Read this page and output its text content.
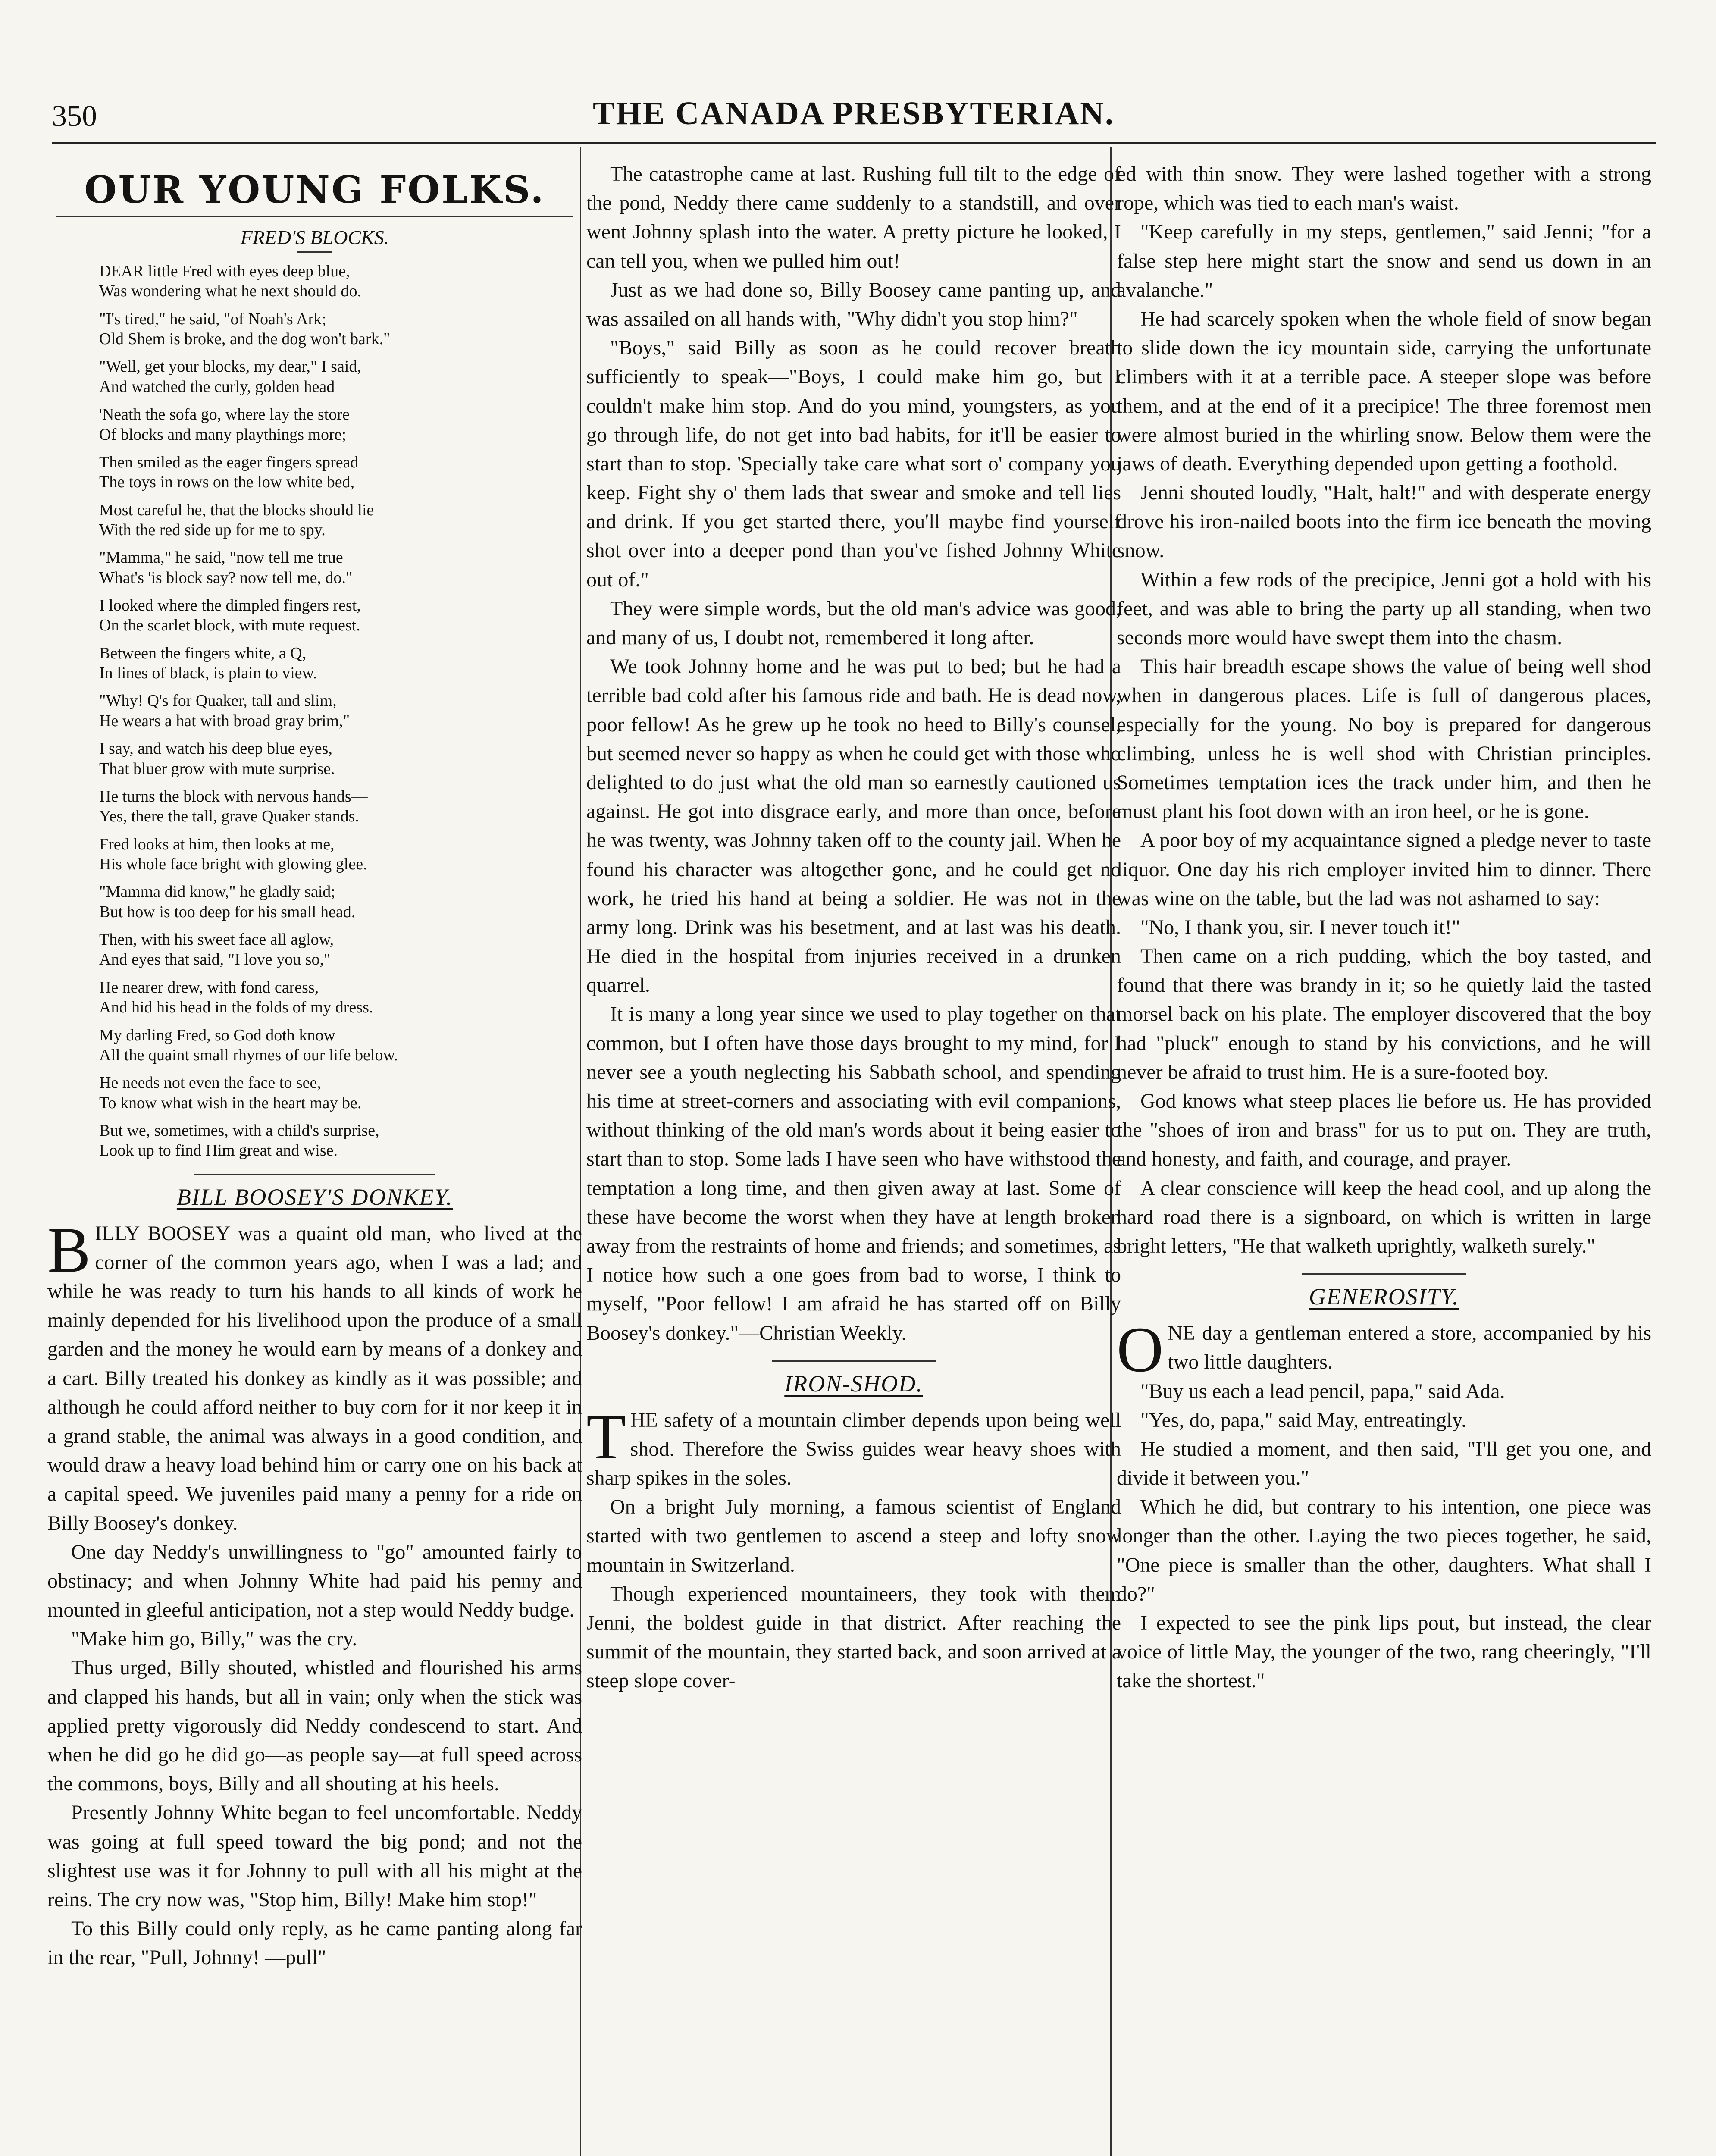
350	THE CANADA PRESBYTERIAN.
OUR YOUNG FOLKS.
FRED'S BLOCKS.
DEAR little Fred with eyes deep blue,
Was wondering what he next should do.
"I's tired," he said, "of Noah's Ark;
Old Shem is broke, and the dog won't bark."
"Well, get your blocks, my dear," I said,
And watched the curly, golden head
'Neath the sofa go, where lay the store
Of blocks and many playthings more;
Then smiled as the eager fingers spread
The toys in rows on the low white bed,
Most careful he, that the blocks should lie
With the red side up for me to spy.
"Mamma," he said, "now tell me true
What's 'is block say? now tell me, do."
I looked where the dimpled fingers rest,
On the scarlet block, with mute request.
Between the fingers white, a Q,
In lines of black, is plain to view.
"Why! Q's for Quaker, tall and slim,
He wears a hat with broad gray brim,"
I say, and watch his deep blue eyes,
That bluer grow with mute surprise.
He turns the block with nervous hands—
Yes, there the tall, grave Quaker stands.
Fred looks at him, then looks at me,
His whole face bright with glowing glee.
"Mamma did know," he gladly said;
But how is too deep for his small head.
Then, with his sweet face all aglow,
And eyes that said, "I love you so,"
He nearer drew, with fond caress,
And hid his head in the folds of my dress.
My darling Fred, so God doth know
All the quaint small rhymes of our life below.
He needs not even the face to see,
To know what wish in the heart may be.
But we, sometimes, with a child's surprise,
Look up to find Him great and wise.
BILL BOOSEY'S DONKEY.

BILLY BOOSEY was a quaint old man, who lived at the corner of the common years ago, when I was a lad; and while he was ready to turn his hands to all kinds of work he mainly depended for his livelihood upon the produce of a small garden and the money he would earn by means of a donkey and a cart. Billy treated his donkey as kindly as it was possible; and although he could afford neither to buy corn for it nor keep it in a grand stable, the animal was always in a good condition, and would draw a heavy load behind him or carry one on his back at a capital speed. We juveniles paid many a penny for a ride on Billy Boosey's donkey.

One day Neddy's unwillingness to "go" amounted fairly to obstinacy; and when Johnny White had paid his penny and mounted in gleeful anticipation, not a step would Neddy budge.

"Make him go, Billy," was the cry.

Thus urged, Billy shouted, whistled and flourished his arms and clapped his hands, but all in vain; only when the stick was applied pretty vigorously did Neddy condescend to start. And when he did go he did go—as people say—at full speed across the commons, boys, Billy and all shouting at his heels.

Presently Johnny White began to feel uncomfortable. Neddy was going at full speed toward the big pond; and not the slightest use was it for Johnny to pull with all his might at the reins. The cry now was, "Stop him, Billy! Make him stop!"

To this Billy could only reply, as he came panting along far in the rear, "Pull, Johnny! —pull"

The catastrophe came at last. Rushing full tilt to the edge of the pond, Neddy there came suddenly to a standstill, and over went Johnny splash into the water. A pretty picture he looked, I can tell you, when we pulled him out!

Just as we had done so, Billy Boosey came panting up, and was assailed on all hands with, "Why didn't you stop him?"

"Boys," said Billy as soon as he could recover breath sufficiently to speak—"Boys, I could make him go, but I couldn't make him stop. And do you mind, youngsters, as you go through life, do not get into bad habits, for it'll be easier to start than to stop. 'Specially take care what sort o' company you keep. Fight shy o' them lads that swear and smoke and tell lies and drink. If you get started there, you'll maybe find yourself shot over into a deeper pond than you've fished Johnny White out of."

They were simple words, but the old man's advice was good, and many of us, I doubt not, remembered it long after.

We took Johnny home and he was put to bed; but he had a terrible bad cold after his famous ride and bath. He is dead now, poor fellow! As he grew up he took no heed to Billy's counsel, but seemed never so happy as when he could get with those who delighted to do just what the old man so earnestly cautioned us against. He got into disgrace early, and more than once, before he was twenty, was Johnny taken off to the county jail. When he found his character was altogether gone, and he could get no work, he tried his hand at being a soldier. He was not in the army long. Drink was his besetment, and at last was his death. He died in the hospital from injuries received in a drunken quarrel.

It is many a long year since we used to play together on that common, but I often have those days brought to my mind, for I never see a youth neglecting his Sabbath school, and spending his time at street-corners and associating with evil companions, without thinking of the old man's words about it being easier to start than to stop. Some lads I have seen who have withstood the temptation a long time, and then given away at last. Some of these have become the worst when they have at length broken away from the restraints of home and friends; and sometimes, as I notice how such a one goes from bad to worse, I think to myself, "Poor fellow! I am afraid he has started off on Billy Boosey's donkey."—Christian Weekly.

IRON-SHOD.

THE safety of a mountain climber depends upon being well shod. Therefore the Swiss guides wear heavy shoes with sharp spikes in the soles.

On a bright July morning, a famous scientist of England started with two gentlemen to ascend a steep and lofty snow mountain in Switzerland.

Though experienced mountaineers, they took with them Jenni, the boldest guide in that district. After reaching the summit of the mountain, they started back, and soon arrived at a steep slope cover-

ed with thin snow. They were lashed together with a strong rope, which was tied to each man's waist.

"Keep carefully in my steps, gentlemen," said Jenni; "for a false step here might start the snow and send us down in an avalanche."

He had scarcely spoken when the whole field of snow began to slide down the icy mountain side, carrying the unfortunate climbers with it at a terrible pace. A steeper slope was before them, and at the end of it a precipice! The three foremost men were almost buried in the whirling snow. Below them were the jaws of death. Everything depended upon getting a foothold.

Jenni shouted loudly, "Halt, halt!" and with desperate energy drove his iron-nailed boots into the firm ice beneath the moving snow.

Within a few rods of the precipice, Jenni got a hold with his feet, and was able to bring the party up all standing, when two seconds more would have swept them into the chasm.

This hair breadth escape shows the value of being well shod when in dangerous places. Life is full of dangerous places, especially for the young. No boy is prepared for dangerous climbing, unless he is well shod with Christian principles. Sometimes temptation ices the track under him, and then he must plant his foot down with an iron heel, or he is gone.

A poor boy of my acquaintance signed a pledge never to taste liquor. One day his rich employer invited him to dinner. There was wine on the table, but the lad was not ashamed to say:

"No, I thank you, sir. I never touch it!"

Then came on a rich pudding, which the boy tasted, and found that there was brandy in it; so he quietly laid the tasted morsel back on his plate. The employer discovered that the boy had "pluck" enough to stand by his convictions, and he will never be afraid to trust him. He is a sure-footed boy.

God knows what steep places lie before us. He has provided the "shoes of iron and brass" for us to put on. They are truth, and honesty, and faith, and courage, and prayer.

A clear conscience will keep the head cool, and up along the hard road there is a signboard, on which is written in large bright letters, "He that walketh uprightly, walketh surely."

GENEROSITY.

ONE day a gentleman entered a store, accompanied by his two little daughters.

"Buy us each a lead pencil, papa," said Ada.

"Yes, do, papa," said May, entreatingly.

He studied a moment, and then said, "I'll get you one, and divide it between you."

Which he did, but contrary to his intention, one piece was longer than the other. Laying the two pieces together, he said, "One piece is smaller than the other, daughters. What shall I do?"

I expected to see the pink lips pout, but instead, the clear voice of little May, the younger of the two, rang cheeringly, "I'll take the shortest."
